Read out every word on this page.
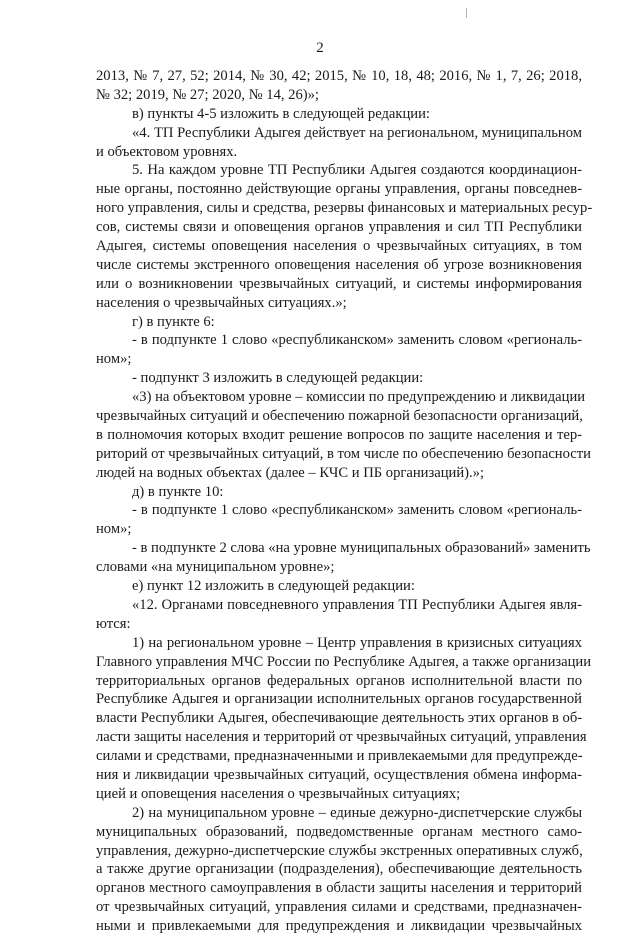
2
2013, № 7, 27, 52; 2014, № 30, 42; 2015, № 10, 18, 48; 2016, № 1, 7, 26; 2018,
№ 32; 2019, № 27; 2020, № 14, 26)»;
в) пункты 4-5 изложить в следующей редакции:
«4. ТП Республики Адыгея действует на региональном, муниципальном
и объектовом уровнях.
5. На каждом уровне ТП Республики Адыгея создаются координацион-
ные органы, постоянно действующие органы управления, органы повседнев-
ного управления, силы и средства, резервы финансовых и материальных ресур-
сов, системы связи и оповещения органов управления и сил ТП Республики
Адыгея, системы оповещения населения о чрезвычайных ситуациях, в том
числе системы экстренного оповещения населения об угрозе возникновения
или о возникновении чрезвычайных ситуаций, и системы информирования
населения о чрезвычайных ситуациях.»;
г) в пункте 6:
- в подпункте 1 слово «республиканском» заменить словом «региональ-
ном»;
- подпункт 3 изложить в следующей редакции:
«3) на объектовом уровне – комиссии по предупреждению и ликвидации
чрезвычайных ситуаций и обеспечению пожарной безопасности организаций,
в полномочия которых входит решение вопросов по защите населения и тер-
риторий от чрезвычайных ситуаций, в том числе по обеспечению безопасности
людей на водных объектах (далее – КЧС и ПБ организаций).»;
д) в пункте 10:
- в подпункте 1 слово «республиканском» заменить словом «региональ-
ном»;
- в подпункте 2 слова «на уровне муниципальных образований» заменить
словами «на муниципальном уровне»;
е) пункт 12 изложить в следующей редакции:
«12. Органами повседневного управления ТП Республики Адыгея явля-
ются:
1) на региональном уровне – Центр управления в кризисных ситуациях
Главного управления МЧС России по Республике Адыгея, а также организации
территориальных органов федеральных органов исполнительной власти по
Республике Адыгея и организации исполнительных органов государственной
власти Республики Адыгея, обеспечивающие деятельность этих органов в об-
ласти защиты населения и территорий от чрезвычайных ситуаций, управления
силами и средствами, предназначенными и привлекаемыми для предупрежде-
ния и ликвидации чрезвычайных ситуаций, осуществления обмена информа-
цией и оповещения населения о чрезвычайных ситуациях;
2) на муниципальном уровне – единые дежурно-диспетчерские службы
муниципальных образований, подведомственные органам местного само-
управления, дежурно-диспетчерские службы экстренных оперативных служб,
а также другие организации (подразделения), обеспечивающие деятельность
органов местного самоуправления в области защиты населения и территорий
от чрезвычайных ситуаций, управления силами и средствами, предназначен-
ными и привлекаемыми для предупреждения и ликвидации чрезвычайных
